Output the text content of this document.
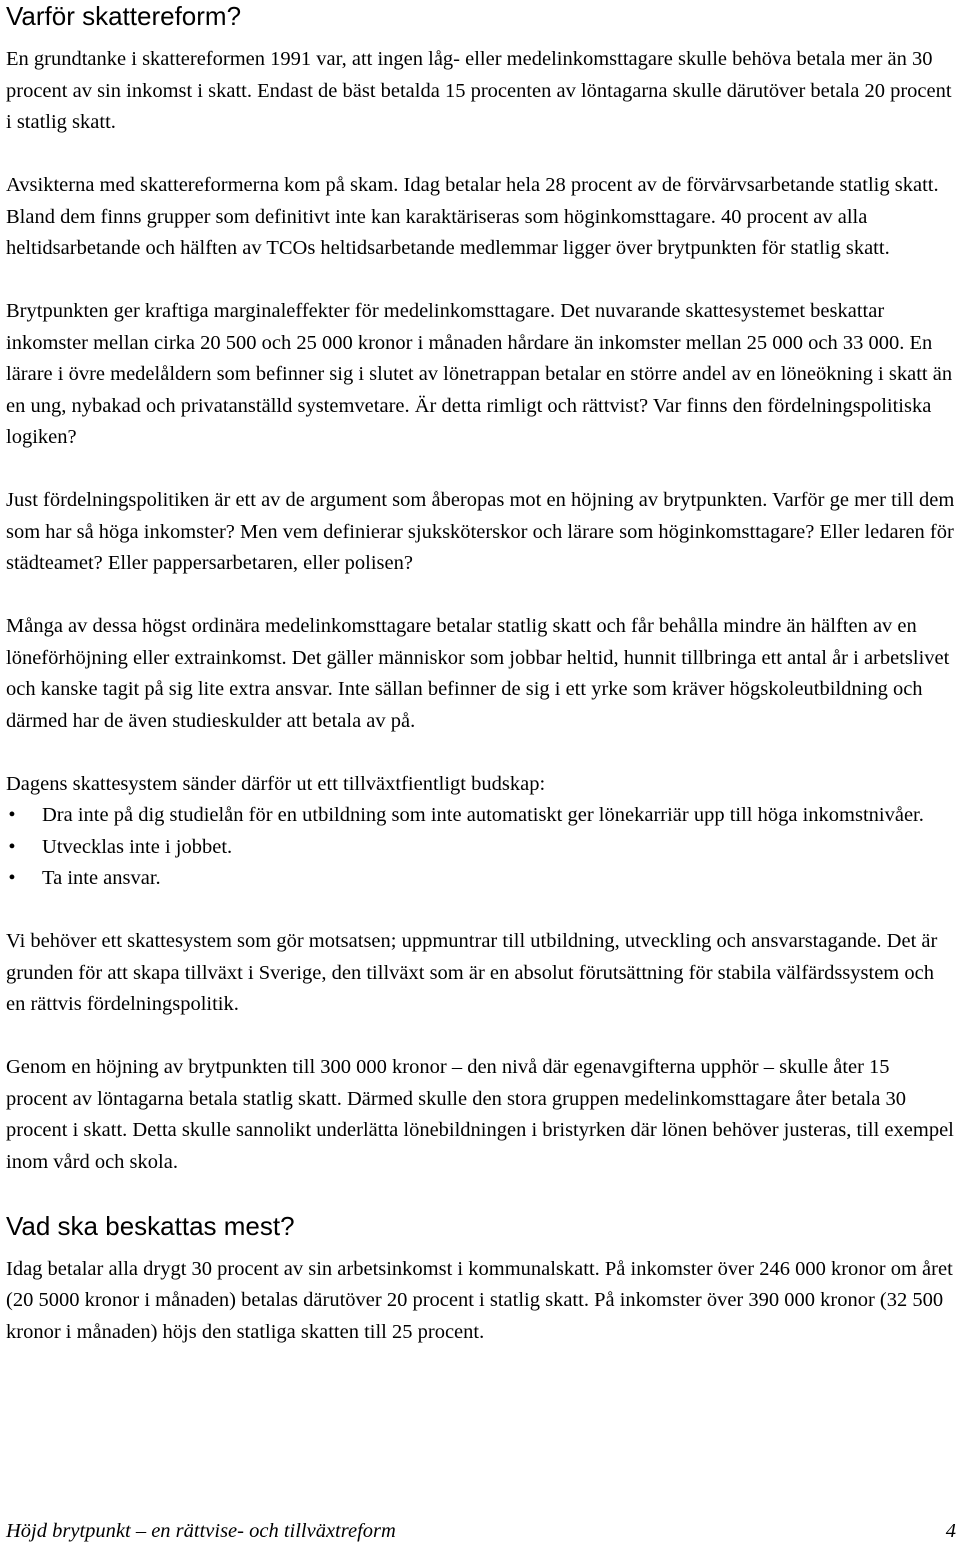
Varför skattereform?

En grundtanke i skattereformen 1991 var, att ingen låg- eller medelinkomsttagare skulle behöva betala mer än 30 procent av sin inkomst i skatt. Endast de bäst betalda 15 procenten av löntagarna skulle därutöver betala 20 procent i statlig skatt.

Avsikterna med skattereformerna kom på skam. Idag betalar hela 28 procent av de förvärvsarbetande statlig skatt. Bland dem finns grupper som definitivt inte kan karaktäriseras som höginkomsttagare. 40 procent av alla heltidsarbetande och hälften av TCOs heltidsarbetande medlemmar ligger över brytpunkten för statlig skatt.

Brytpunkten ger kraftiga marginaleffekter för medelinkomsttagare. Det nuvarande skattesystemet beskattar inkomster mellan cirka 20 500 och 25 000 kronor i månaden hårdare än inkomster mellan 25 000 och 33 000. En lärare i övre medelåldern som befinner sig i slutet av lönetrappan betalar en större andel av en löneökning i skatt än en ung, nybakad och privatanställd systemvetare. Är detta rimligt och rättvist? Var finns den fördelningspolitiska logiken?

Just fördelningspolitiken är ett av de argument som åberopas mot en höjning av brytpunkten. Varför ge mer till dem som har så höga inkomster? Men vem definierar sjuksköterskor och lärare som höginkomsttagare? Eller ledaren för städteamet? Eller pappersarbetaren, eller polisen?

Många av dessa högst ordinära medelinkomsttagare betalar statlig skatt och får behålla mindre än hälften av en löneförhöjning eller extrainkomst. Det gäller människor som jobbar heltid, hunnit tillbringa ett antal år i arbetslivet och kanske tagit på sig lite extra ansvar. Inte sällan befinner de sig i ett yrke som kräver högskoleutbildning och därmed har de även studieskulder att betala av på.

Dagens skattesystem sänder därför ut ett tillväxtfientligt budskap:

• Dra inte på dig studielån för en utbildning som inte automatiskt ger lönekarriär upp till höga inkomstnivåer.
• Utvecklas inte i jobbet.
• Ta inte ansvar.

Vi behöver ett skattesystem som gör motsatsen; uppmuntrar till utbildning, utveckling och ansvarstagande. Det är grunden för att skapa tillväxt i Sverige, den tillväxt som är en absolut förutsättning för stabila välfärdssystem och en rättvis fördelningspolitik.

Genom en höjning av brytpunkten till 300 000 kronor – den nivå där egenavgifterna upphör – skulle åter 15 procent av löntagarna betala statlig skatt. Därmed skulle den stora gruppen medelinkomsttagare åter betala 30 procent i skatt. Detta skulle sannolikt underlätta lönebildningen i bristyrken där lönen behöver justeras, till exempel inom vård och skola.

Vad ska beskattas mest?

Idag betalar alla drygt 30 procent av sin arbetsinkomst i kommunalskatt. På inkomster över 246 000 kronor om året (20 5000 kronor i månaden) betalas därutöver 20 procent i statlig skatt. På inkomster över 390 000 kronor (32 500 kronor i månaden) höjs den statliga skatten till 25 procent.

Höjd brytpunkt – en rättvise- och tillväxtreform	4
